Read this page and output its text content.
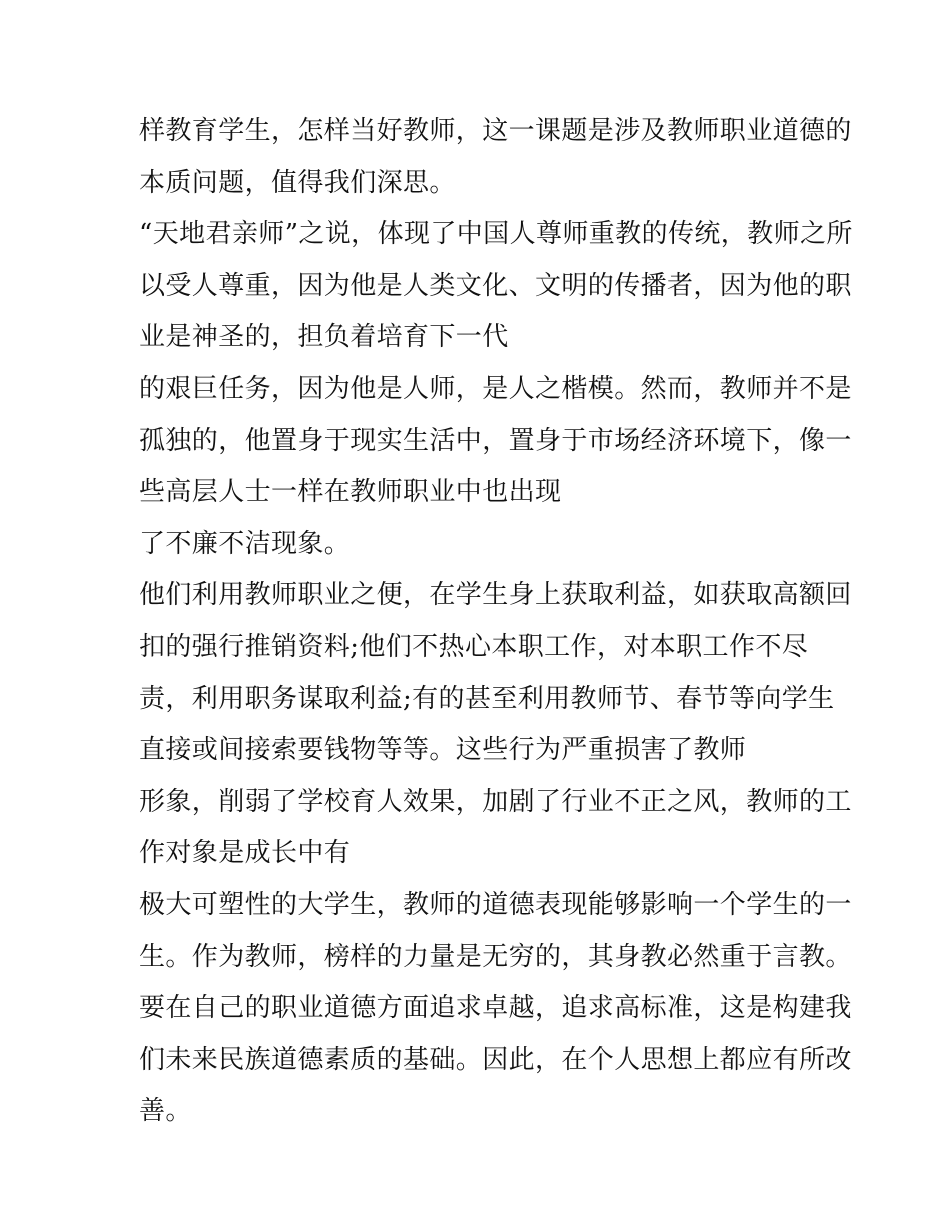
样教育学生，怎样当好教师，这一课题是涉及教师职业道德的
本质问题，值得我们深思。
“天地君亲师”之说，体现了中国人尊师重教的传统，教师之所
以受人尊重，因为他是人类文化、文明的传播者，因为他的职
业是神圣的，担负着培育下一代
的艰巨任务，因为他是人师，是人之楷模。然而，教师并不是
孤独的，他置身于现实生活中，置身于市场经济环境下，像一
些高层人士一样在教师职业中也出现
了不廉不洁现象。
他们利用教师职业之便，在学生身上获取利益，如获取高额回
扣的强行推销资料;他们不热心本职工作，对本职工作不尽
责，利用职务谋取利益;有的甚至利用教师节、春节等向学生
直接或间接索要钱物等等。这些行为严重损害了教师
形象，削弱了学校育人效果，加剧了行业不正之风，教师的工
作对象是成长中有
极大可塑性的大学生，教师的道德表现能够影响一个学生的一
生。作为教师，榜样的力量是无穷的，其身教必然重于言教。
要在自己的职业道德方面追求卓越，追求高标准，这是构建我
们未来民族道德素质的基础。因此，在个人思想上都应有所改
善。
